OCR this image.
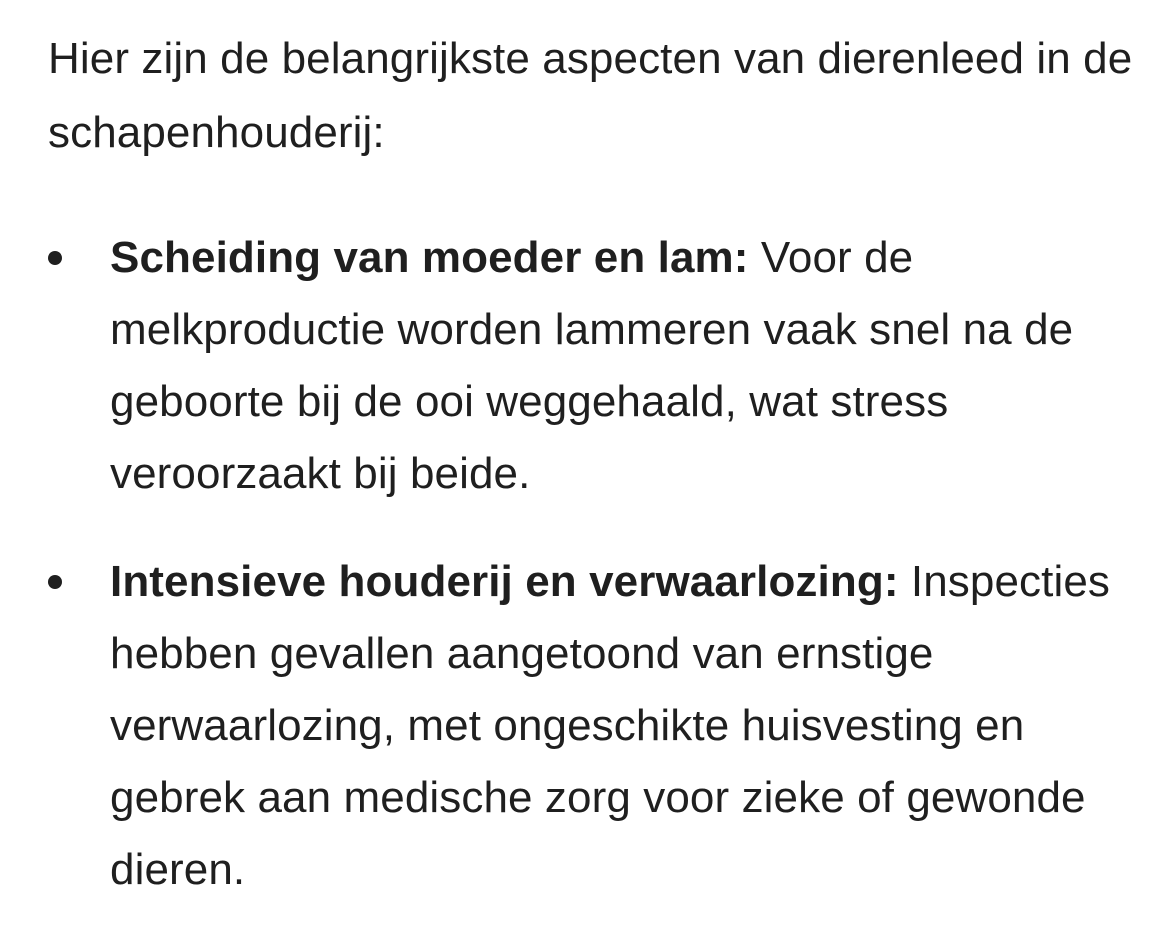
Hier zijn de belangrijkste aspecten van dierenleed in de schapenhouderij:

Scheiding van moeder en lam: Voor de melkproductie worden lammeren vaak snel na de geboorte bij de ooi weggehaald, wat stress veroorzaakt bij beide.
Intensieve houderij en verwaarlozing: Inspecties hebben gevallen aangetoond van ernstige verwaarlozing, met ongeschikte huisvesting en gebrek aan medische zorg voor zieke of gewonde dieren.
